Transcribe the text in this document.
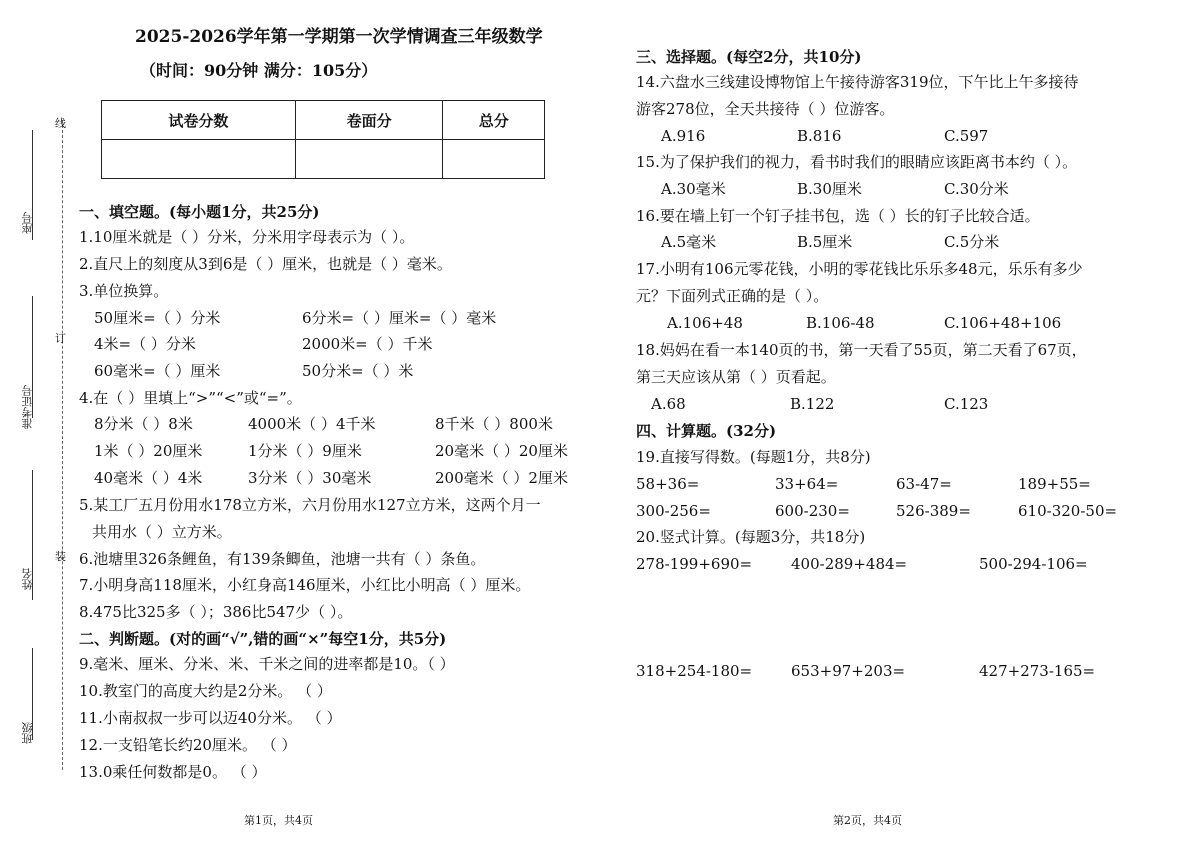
座号
准考证号
姓名
班级
线
订
装
2025-2026学年第一学期第一次学情调查三年级数学
（时间：90分钟 满分：105分）
试卷分数	卷面分	总分

一、填空题。(每小题1分，共25分)
1.10厘米就是（ ）分米，分米用字母表示为（ ）。
2.直尺上的刻度从3到6是（ ）厘米，也就是（ ）毫米。
3.单位换算。
50厘米=（ ）分米	6分米=（ ）厘米=（ ）毫米
4米=（ ）分米	2000米=（ ）千米
60毫米=（ ）厘米	50分米=（ ）米
4.在（ ）里填上“>”“<”或“=”。
8分米（ ）8米	4000米（ ）4千米	8千米（ ）800米
1米（ ）20厘米	1分米（ ）9厘米	20毫米（ ）20厘米
40毫米（ ）4米	3分米（ ）30毫米	200毫米（ ）2厘米
5.某工厂五月份用水178立方米，六月份用水127立方米，这两个月一
共用水（ ）立方米。
6.池塘里326条鲤鱼，有139条鲫鱼，池塘一共有（ ）条鱼。
7.小明身高118厘米，小红身高146厘米，小红比小明高（ ）厘米。
8.475比325多（ ）；386比547少（ ）。
二、判断题。(对的画“√”,错的画“×”每空1分，共5分)
9.毫米、厘米、分米、米、千米之间的进率都是10。（ ）
10.教室门的高度大约是2分米。 （ ）
11.小南叔叔一步可以迈40分米。 （ ）
12.一支铅笔长约20厘米。 （ ）
13.0乘任何数都是0。 （ ）
第1页，共4页
三、选择题。(每空2分，共10分)
14.六盘水三线建设博物馆上午接待游客319位，下午比上午多接待
游客278位，全天共接待（ ）位游客。
A.916	B.816	C.597
15.为了保护我们的视力，看书时我们的眼睛应该距离书本约（ ）。
A.30毫米	B.30厘米	C.30分米
16.要在墙上钉一个钉子挂书包，选（ ）长的钉子比较合适。
A.5毫米	B.5厘米	C.5分米
17.小明有106元零花钱，小明的零花钱比乐乐多48元，乐乐有多少
元？下面列式正确的是（ ）。
A.106+48	B.106-48	C.106+48+106
18.妈妈在看一本140页的书，第一天看了55页，第二天看了67页，
第三天应该从第（ ）页看起。
A.68	B.122	C.123
四、计算题。(32分)
19.直接写得数。(每题1分，共8分)
58+36=	33+64=	63-47=	189+55=
300-256=	600-230=	526-389=	610-320-50=
20.竖式计算。(每题3分，共18分)
278-199+690=	400-289+484=	500-294-106=
318+254-180=	653+97+203=	427+273-165=
第2页，共4页
